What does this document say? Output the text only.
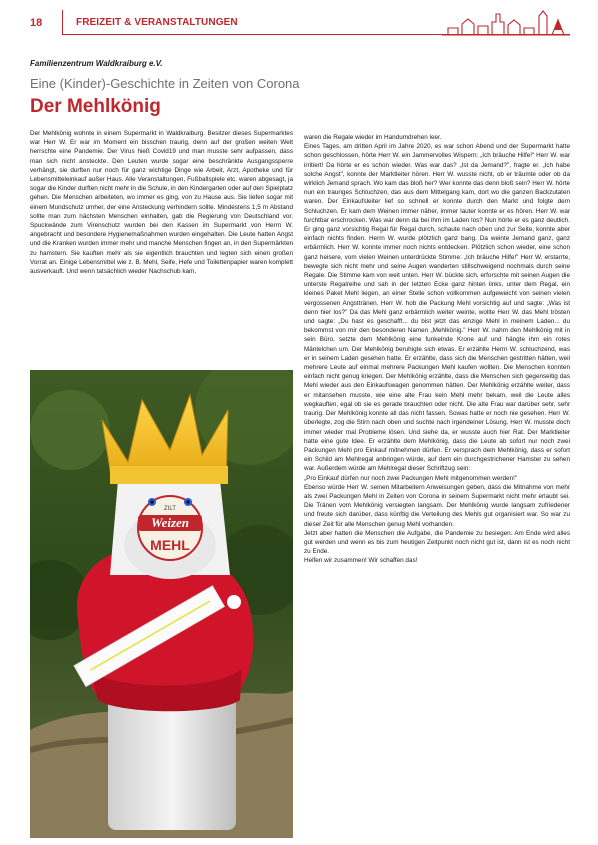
18	FREIZEIT & VERANSTALTUNGEN
Familienzentrum Waldkraiburg e.V.
Eine (Kinder)-Geschichte in Zeiten von Corona
Der Mehlkönig

Der Mehlkönig wohnte in einem Supermarkt in Waldkraiburg. Besitzer dieses Supermarktes war Herr W. Er war im Moment ein bisschen traurig, denn auf der großen weiten Welt herrschte eine Pandemie. Der Virus hieß Covid19 und man musste sehr aufpassen, dass man sich nicht ansteckte. Den Leuten wurde sogar eine beschränkte Ausgangssperre verhängt, sie durften nur noch für ganz wichtige Dinge wie Arbeit, Arzt, Apotheke und für Lebensmitteleinkauf außer Haus. Alle Veranstaltungen, Fußballspiele etc. waren abgesagt, ja sogar die Kinder durften nicht mehr in die Schule, in den Kindergarten oder auf den Spielplatz gehen. Die Menschen arbeiteten, wo immer es ging, von zu Hause aus. Sie liefen sogar mit einem Mundschutz umher, der eine Ansteckung verhindern sollte. Mindestens 1,5 m Abstand sollte man zum nächsten Menschen einhalten, gab die Regierung von Deutschland vor. Spuckwände zum Virenschutz wurden bei den Kassen im Supermarkt von Herrn W. angebracht und besondere Hygienemaßnahmen wurden eingehalten. Die Leute hatten Angst und die Kranken wurden immer mehr und manche Menschen fingen an, in den Supermärkten zu hamstern. Sie kauften mehr als sie eigentlich brauchten und legten sich einen großen Vorrat an. Einige Lebensmittel wie z. B. Mehl, Seife, Hefe und Toilettenpapier waren komplett ausverkauft. Und wenn tatsächlich wieder Nachschub kam,

ZILT
Weizen
MEHL

waren die Regale wieder im Handumdrehen leer.

Eines Tages, am dritten April im Jahre 2020, es war schon Abend und der Supermarkt hatte schon geschlossen, hörte Herr W. ein Jammervolles Wispern: „Ich bräuche Hilfe!" Herr W. war irritiert! Da hörte er es schon wieder. Was war das? „Ist da Jemand?", fragte er. „Ich habe solche Angst", konnte der Marktleiter hören. Herr W. wusste nicht, ob er träumte oder ob da wirklich Jemand sprach. Wo kam das bloß her? Wer konnte das denn bloß sein? Herr W. hörte nun ein trauriges Schluchzen, das aus dem Mittelgang kam, dort wo die ganzen Backzutaten waren. Der Einkaufsleiter lief so schnell er konnte durch den Markt und folgte dem Schluchzen. Er kam dem Weinen immer näher, immer lauter konnte er es hören. Herr W. war furchtbar erschrocken. Was war denn da bei ihm im Laden los? Nun hörte er es ganz deutlich. Er ging ganz vorsichtig Regal für Regal durch, schaute nach oben und zur Seite, konnte aber einfach nichts finden. Herrn W. wurde plötzlich ganz bang. Da weinte Jemand ganz, ganz erbärmlich. Herr W. konnte immer noch nichts entdecken. Plötzlich schon wieder, eine schon ganz heisere, vom vielen Weinen unterdrückte Stimme: „Ich bräuche Hilfe!" Herr W. erstarrte, bewegte sich nicht mehr und seine Augen wanderten stillschweigend nochmals durch seine Regale. Die Stimme kam von weit unten. Herr W. bückte sich, erforschte mit seinen Augen die unterste Regalreihe und sah in der letzten Ecke ganz hinten links, unter dem Regal, ein kleines Paket Mehl liegen, an einer Stelle schon vollkommen aufgeweicht von seinen vielen vergossenen Angsttränen. Herr W. hob die Packung Mehl vorsichtig auf und sagte: „Was ist denn hier los?" Da das Mehl ganz erbärmlich weiter weinte, wollte Herr W. das Mehl trösten und sagte: „Du hast es geschafft... du bist jetzt das einzige Mehl in meinem Laden... du bekommst von mir den besonderen Namen „Mehlkönig." Herr W. nahm den Mehlkönig mit in sein Büro, setzte dem Mehlkönig eine funkelnde Krone auf und hängte ihm ein rotes Mäntelchen um. Der Mehlkönig beruhigte sich etwas. Er erzählte Herrn W. schluchzend, was er in seinem Laden gesehen hatte. Er erzählte, dass sich die Menschen gestritten hätten, weil mehrere Leute auf einmal mehrere Packungen Mehl kaufen wollten. Die Menschen konnten einfach nicht genug kriegen. Der Mehlkönig erzählte, dass die Menschen sich gegenseitig das Mehl wieder aus den Einkaufswagen genommen hätten. Der Mehlkönig erzählte weiter, dass er mitansehen musste, wie eine alte Frau kein Mehl mehr bekam, weil die Leute alles wegkauften, egal ob sie es gerade brauchten oder nicht. Die alte Frau war darüber sehr, sehr traurig. Der Mehlkönig konnte all das nicht fassen. Sowas hatte er noch nie gesehen. Herr W. überlegte, zog die Stirn nach oben und suchte nach irgendeiner Lösung. Herr W. musste doch immer wieder mal Probleme lösen. Und siehe da, er wusste auch hier Rat. Der Marktleiter hatte eine gute Idee. Er erzählte dem Mehlkönig, dass die Leute ab sofort nur noch zwei Packungen Mehl pro Einkauf mitnehmen dürfen. Er versprach dem Mehlkönig, dass er sofort ein Schild am Mehlregal anbringen würde, auf dem ein durchgestrichener Hamster zu sehen war. Außerdem würde am Mehlregal dieser Schriftzug sein:

„Pro Einkauf dürfen nur noch zwei Packungen Mehl mitgenommen werden!"

Ebenso würde Herr W. seinen Mitarbeitern Anweisungen geben, dass die Mitnahme von mehr als zwei Packungen Mehl in Zeiten von Corona in seinem Supermarkt nicht mehr erlaubt sei. Die Tränen vom Mehlkönig versiegten langsam. Der Mehlkönig wurde langsam zufriedener und freute sich darüber, dass künftig die Verteilung des Mehls gut organisiert war. So war zu dieser Zeit für alle Menschen genug Mehl vorhanden.

Jetzt aber hatten die Menschen die Aufgabe, die Pandemie zu besiegen. Am Ende wird alles gut werden und wenn es bis zum heutigen Zeitpunkt noch nicht gut ist, dann ist es noch nicht zu Ende.

Helfen wir zusammen! Wir schaffen das!
